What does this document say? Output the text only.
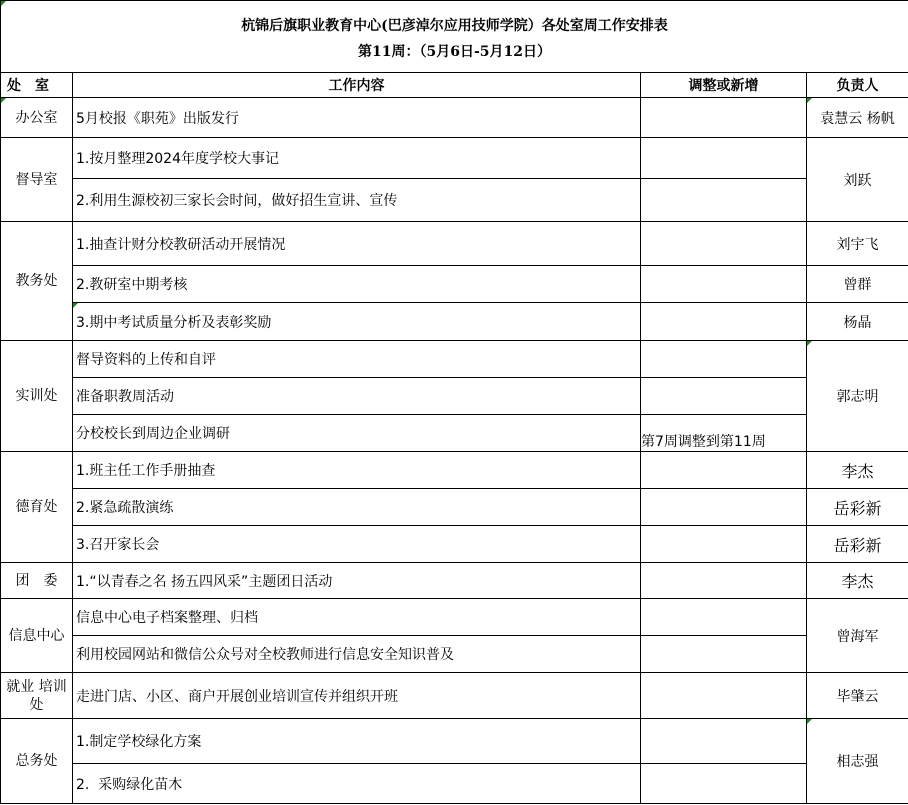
杭锦后旗职业教育中心(巴彦淖尔应用技师学院）各处室周工作安排表
第11周：（5月6日-5月12日）			

处　室	工作内容	调整或新增	负责人
办公室	5月校报《职苑》出版发行		袁慧云 杨帆
督导室	1.按月整理2024年度学校大事记		刘跃
	2.利用生源校初三家长会时间，做好招生宣讲、宣传		
教务处	1.抽查计财分校教研活动开展情况		刘宇飞
	2.教研室中期考核		曾群
	3.期中考试质量分析及表彰奖励		杨晶
实训处	督导资料的上传和自评		郭志明
	准备职教周活动		
	分校校长到周边企业调研	第7周调整到第11周	
德育处	1.班主任工作手册抽查		李杰
	2.紧急疏散演练		岳彩新
	3.召开家长会		岳彩新
团　委	1.“以青春之名 扬五四风采”主题团日活动		李杰
信息中心	信息中心电子档案整理、归档		曾海军
	利用校园网站和微信公众号对全校教师进行信息安全知识普及		
就业 培训处	走进门店、小区、商户开展创业培训宣传并组织开班		毕肇云
总务处	1.制定学校绿化方案		相志强
	2.  采购绿化苗木		
